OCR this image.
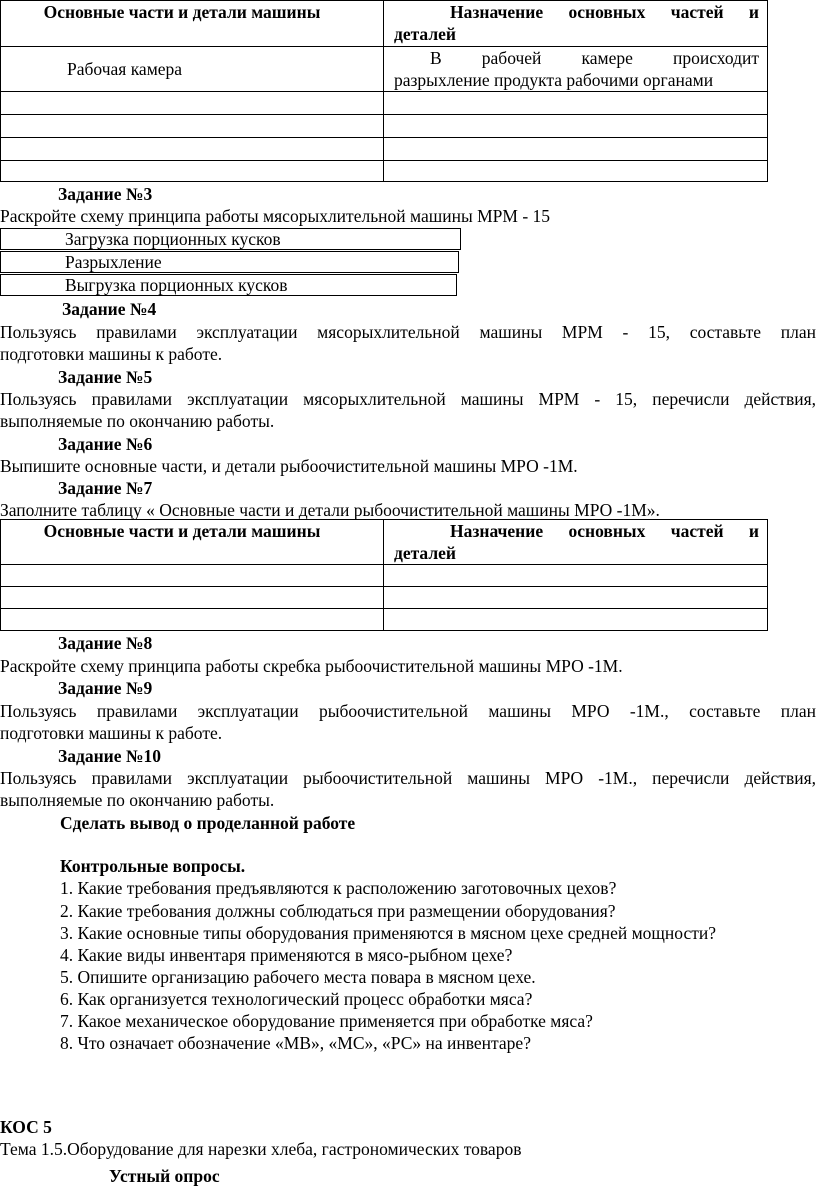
Основные части и детали машины	Назначение основных частей и
деталей
Рабочая камера	В рабочей камере происходит
разрыхление продукта рабочими органами

Задание №3
Раскройте схему принципа работы мясорыхлительной машины МРМ - 15
Загрузка порционных кусков
Разрыхление
Выгрузка порционных кусков
Задание №4
Пользуясь правилами эксплуатации мясорыхлительной машины МРМ - 15, составьте план
подготовки машины к работе.
Задание №5
Пользуясь правилами эксплуатации мясорыхлительной машины МРМ - 15, перечисли действия,
выполняемые по окончанию работы.
Задание №6
Выпишите основные части, и детали рыбоочистительной машины МРО -1М.
Задание №7
Заполните таблицу « Основные части и детали рыбоочистительной машины МРО -1М».
Основные части и детали машины	Назначение основных частей и
деталей

Задание №8
Раскройте схему принципа работы скребка рыбоочистительной машины МРО -1М.
Задание №9
Пользуясь правилами эксплуатации рыбоочистительной машины МРО -1М., составьте план
подготовки машины к работе.
Задание №10
Пользуясь правилами эксплуатации рыбоочистительной машины МРО -1М., перечисли действия,
выполняемые по окончанию работы.
Сделать вывод о проделанной работе
Контрольные вопросы.
1. Какие требования предъявляются к расположению заготовочных цехов?
2. Какие требования должны соблюдаться при размещении оборудования?
3. Какие основные типы оборудования применяются в мясном цехе средней мощности?
4. Какие виды инвентаря применяются в мясо-рыбном цехе?
5. Опишите организацию рабочего места повара в мясном цехе.
6. Как организуется технологический процесс обработки мяса?
7. Какое механическое оборудование применяется при обработке мяса?
8. Что означает обозначение «МВ», «МС», «РС» на инвентаре?
КОС 5
Тема 1.5.Оборудование для нарезки хлеба, гастрономических товаров
Устный опрос
